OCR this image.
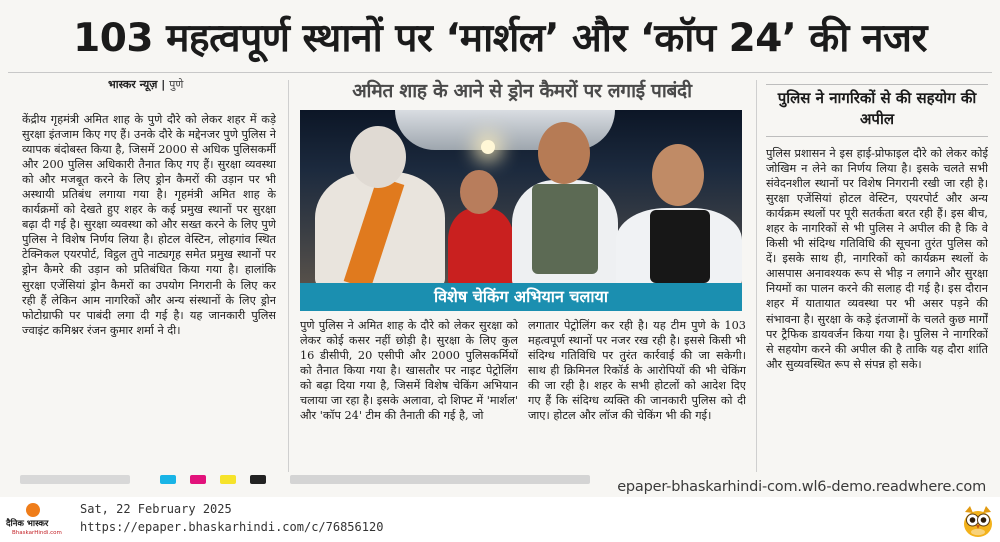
103 महत्वपूर्ण स्थानों पर ‘मार्शल’ और ‘कॉप 24’ की नजर
भास्कर न्यूज़ | पुणे
केंद्रीय गृहमंत्री अमित शाह के पुणे दौरे को लेकर शहर में कड़े सुरक्षा इंतजाम किए गए हैं। उनके दौरे के मद्देनजर पुणे पुलिस ने व्यापक बंदोबस्त किया है, जिसमें 2000 से अधिक पुलिसकर्मी और 200 पुलिस अधिकारी तैनात किए गए हैं। सुरक्षा व्यवस्था को और मजबूत करने के लिए ड्रोन कैमरों की उड़ान पर भी अस्थायी प्रतिबंध लगाया गया है। गृहमंत्री अमित शाह के कार्यक्रमों को देखते हुए शहर के कई प्रमुख स्थानों पर सुरक्षा बढ़ा दी गई है। सुरक्षा व्यवस्था को और सख्त करने के लिए पुणे पुलिस ने विशेष निर्णय लिया है। होटल वेस्टिन, लोहगांव स्थित टेक्निकल एयरपोर्ट, विट्ठल तुपे नाट्यगृह समेत प्रमुख स्थानों पर ड्रोन कैमरे की उड़ान को प्रतिबंधित किया गया है। हालांकि सुरक्षा एजेंसियां ड्रोन कैमरों का उपयोग निगरानी के लिए कर रही हैं लेकिन आम नागरिकों और अन्य संस्थानों के लिए ड्रोन फोटोग्राफी पर पाबंदी लगा दी गई है। यह जानकारी पुलिस ज्वाइंट कमिश्नर रंजन कुमार शर्मा ने दी।
अमित शाह के आने से ड्रोन कैमरों पर लगाई पाबंदी
विशेष चेकिंग अभियान चलाया
पुणे पुलिस ने अमित शाह के दौरे को लेकर सुरक्षा को लेकर कोई कसर नहीं छोड़ी है। सुरक्षा के लिए कुल 16 डीसीपी, 20 एसीपी और 2000 पुलिसकर्मियों को तैनात किया गया है। खासतौर पर नाइट पेट्रोलिंग को बढ़ा दिया गया है, जिसमें विशेष चेकिंग अभियान चलाया जा रहा है। इसके अलावा, दो शिफ्ट में 'मार्शल' और 'कॉप 24' टीम की तैनाती की गई है, जो
लगातार पेट्रोलिंग कर रही है। यह टीम पुणे के 103 महत्वपूर्ण स्थानों पर नजर रख रही है। इससे किसी भी संदिग्ध गतिविधि पर तुरंत कार्रवाई की जा सकेगी। साथ ही क्रिमिनल रिकॉर्ड के आरोपियों की भी चेकिंग की जा रही है। शहर के सभी होटलों को आदेश दिए गए हैं कि संदिग्ध व्यक्ति की जानकारी पुलिस को दी जाए। होटल और लॉज की चेकिंग भी की गई।
पुलिस ने नागरिकों से की सहयोग की अपील
पुलिस प्रशासन ने इस हाई-प्रोफाइल दौरे को लेकर कोई जोखिम न लेने का निर्णय लिया है। इसके चलते सभी संवेदनशील स्थानों पर विशेष निगरानी रखी जा रही है। सुरक्षा एजेंसियां होटल वेस्टिन, एयरपोर्ट और अन्य कार्यक्रम स्थलों पर पूरी सतर्कता बरत रही हैं। इस बीच, शहर के नागरिकों से भी पुलिस ने अपील की है कि वे किसी भी संदिग्ध गतिविधि की सूचना तुरंत पुलिस को दें। इसके साथ ही, नागरिकों को कार्यक्रम स्थलों के आसपास अनावश्यक रूप से भीड़ न लगाने और सुरक्षा नियमों का पालन करने की सलाह दी गई है। इस दौरान शहर में यातायात व्यवस्था पर भी असर पड़ने की संभावना है। सुरक्षा के कड़े इंतजामों के चलते कुछ मार्गों पर ट्रैफिक डायवर्जन किया गया है। पुलिस ने नागरिकों से सहयोग करने की अपील की है ताकि यह दौरा शांति और सुव्यवस्थित रूप से संपन्न हो सके।
epaper-bhaskarhindi-com.wl6-demo.readwhere.com
दैनिक भास्कर
BhaskarHindi.com
Sat, 22 February 2025
https://epaper.bhaskarhindi.com/c/76856120
